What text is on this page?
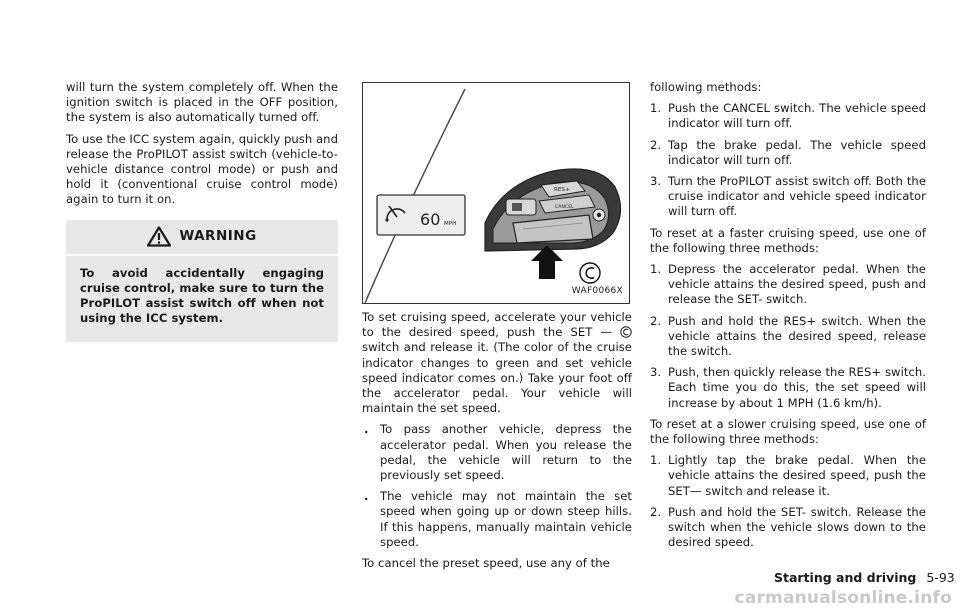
will turn the system completely off. When the ignition switch is placed in the OFF position, the system is also automatically turned off.

To use the ICC system again, quickly push and release the ProPILOT assist switch (vehicle-to-vehicle distance control mode) or push and hold it (conventional cruise control mode) again to turn it on.

WARNING
To avoid accidentally engaging cruise control, make sure to turn the ProPILOT assist switch off when not using the ICC system.
60 MPH
RES+
CANCEL
WAF0066X

To set cruising speed, accelerate your vehicle to the desired speed, push the SET —  switch and release it. (The color of the cruise indicator changes to green and set vehicle speed indicator comes on.) Take your foot off the accelerator pedal. Your vehicle will maintain the set speed.

. To pass another vehicle, depress the accelerator pedal. When you release the pedal, the vehicle will return to the previously set speed.
. The vehicle may not maintain the set speed when going up or down steep hills. If this happens, manually maintain vehicle speed.

To cancel the preset speed, use any of the

following methods:

1. Push the CANCEL switch. The vehicle speed indicator will turn off.
2. Tap the brake pedal. The vehicle speed indicator will turn off.
3. Turn the ProPILOT assist switch off. Both the cruise indicator and vehicle speed indicator will turn off.

To reset at a faster cruising speed, use one of the following three methods:

1. Depress the accelerator pedal. When the vehicle attains the desired speed, push and release the SET- switch.
2. Push and hold the RES+ switch. When the vehicle attains the desired speed, release the switch.
3. Push, then quickly release the RES+ switch. Each time you do this, the set speed will increase by about 1 MPH (1.6 km/h).

To reset at a slower cruising speed, use one of the following three methods:

1. Lightly tap the brake pedal. When the vehicle attains the desired speed, push the SET— switch and release it.
2. Push and hold the SET- switch. Release the switch when the vehicle slows down to the desired speed.
Starting and driving 5-93
carmanualsonline.info
